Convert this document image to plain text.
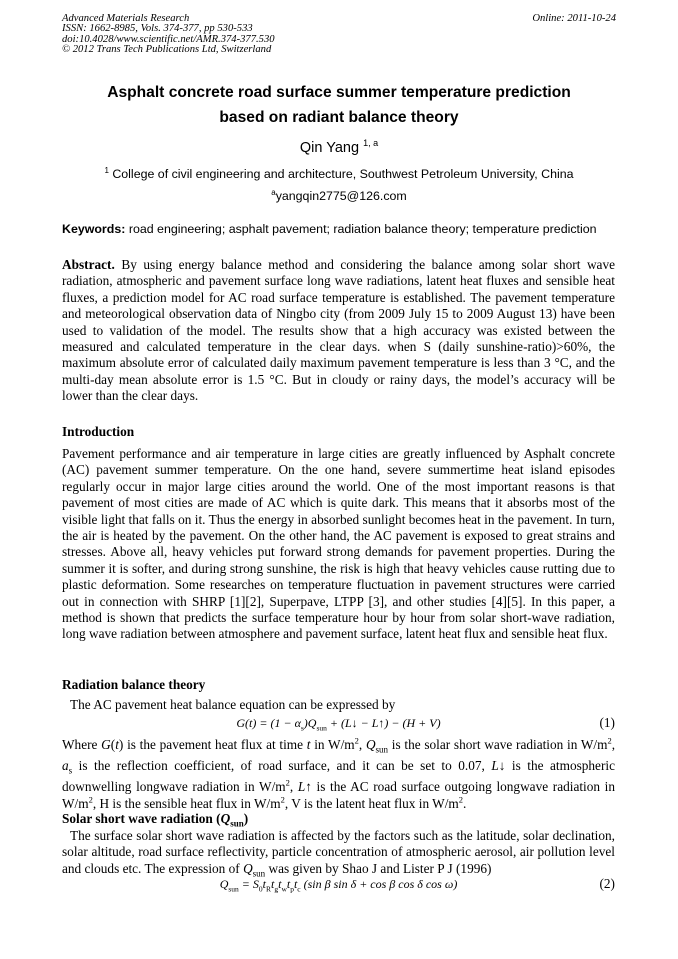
Advanced Materials Research
ISSN: 1662-8985, Vols. 374-377, pp 530-533
doi:10.4028/www.scientific.net/AMR.374-377.530
© 2012 Trans Tech Publications Ltd, Switzerland
Online: 2011-10-24
Asphalt concrete road surface summer temperature prediction
based on radiant balance theory
Qin Yang $^{1, a}$
$^1$ College of civil engineering and architecture, Southwest Petroleum University, China
$^a$yangqin2775@126.com
Keywords: road engineering; asphalt pavement; radiation balance theory; temperature prediction
Abstract. By using energy balance method and considering the balance among solar short wave radiation, atmospheric and pavement surface long wave radiations, latent heat fluxes and sensible heat fluxes, a prediction model for AC road surface temperature is established. The pavement temperature and meteorological observation data of Ningbo city (from 2009 July 15 to 2009 August 13) have been used to validation of the model. The results show that a high accuracy was existed between the measured and calculated temperature in the clear days. when S (daily sunshine-ratio)>60%, the maximum absolute error of calculated daily maximum pavement temperature is less than 3 °C, and the multi-day mean absolute error is 1.5 °C. But in cloudy or rainy days, the model’s accuracy will be lower than the clear days.
Introduction
Pavement performance and air temperature in large cities are greatly influenced by Asphalt concrete (AC) pavement summer temperature. On the one hand, severe summertime heat island episodes regularly occur in major large cities around the world. One of the most important reasons is that pavement of most cities are made of AC which is quite dark. This means that it absorbs most of the visible light that falls on it. Thus the energy in absorbed sunlight becomes heat in the pavement. In turn, the air is heated by the pavement. On the other hand, the AC pavement is exposed to great strains and stresses. Above all, heavy vehicles put forward strong demands for pavement properties. During the summer it is softer, and during strong sunshine, the risk is high that heavy vehicles cause rutting due to plastic deformation. Some researches on temperature fluctuation in pavement structures were carried out in connection with SHRP [1][2], Superpave, LTPP [3], and other studies [4][5]. In this paper, a method is shown that predicts the surface temperature hour by hour from solar short-wave radiation, long wave radiation between atmosphere and pavement surface, latent heat flux and sensible heat flux.
Radiation balance theory
The AC pavement heat balance equation can be expressed by
$G(t) = (1 - \alpha_s)Q_{sun}$ + (L↓ − L↑) − (H + V)	(1)
Where G(t) is the pavement heat flux at time t in $W/m^2$, $Q_{sun}$ is the solar short wave radiation in $W/m^2$, $a_s$ is the reflection coefficient, of road surface, and it can be set to 0.07, L↓ is the atmospheric downwelling longwave radiation in $W/m^2$, L↑ is the AC road surface outgoing longwave radiation in $W/m^2$, H is the sensible heat flux in $W/m^2$, V is the latent heat flux in $W/m^2$.
Solar short wave radiation $(Q_{sun})$
The surface solar short wave radiation is affected by the factors such as the latitude, solar declination, solar altitude, road surface reflectivity, particle concentration of atmospheric aerosol, air pollution level and clouds etc. The expression of $Q_{sun}$ was given by Shao J and Lister P J (1996)
$Q_{sun} = S_0t_Rt_gt_wt_pt_c$ (sin β sin δ + cos β cos δ cos ω)	(2)
